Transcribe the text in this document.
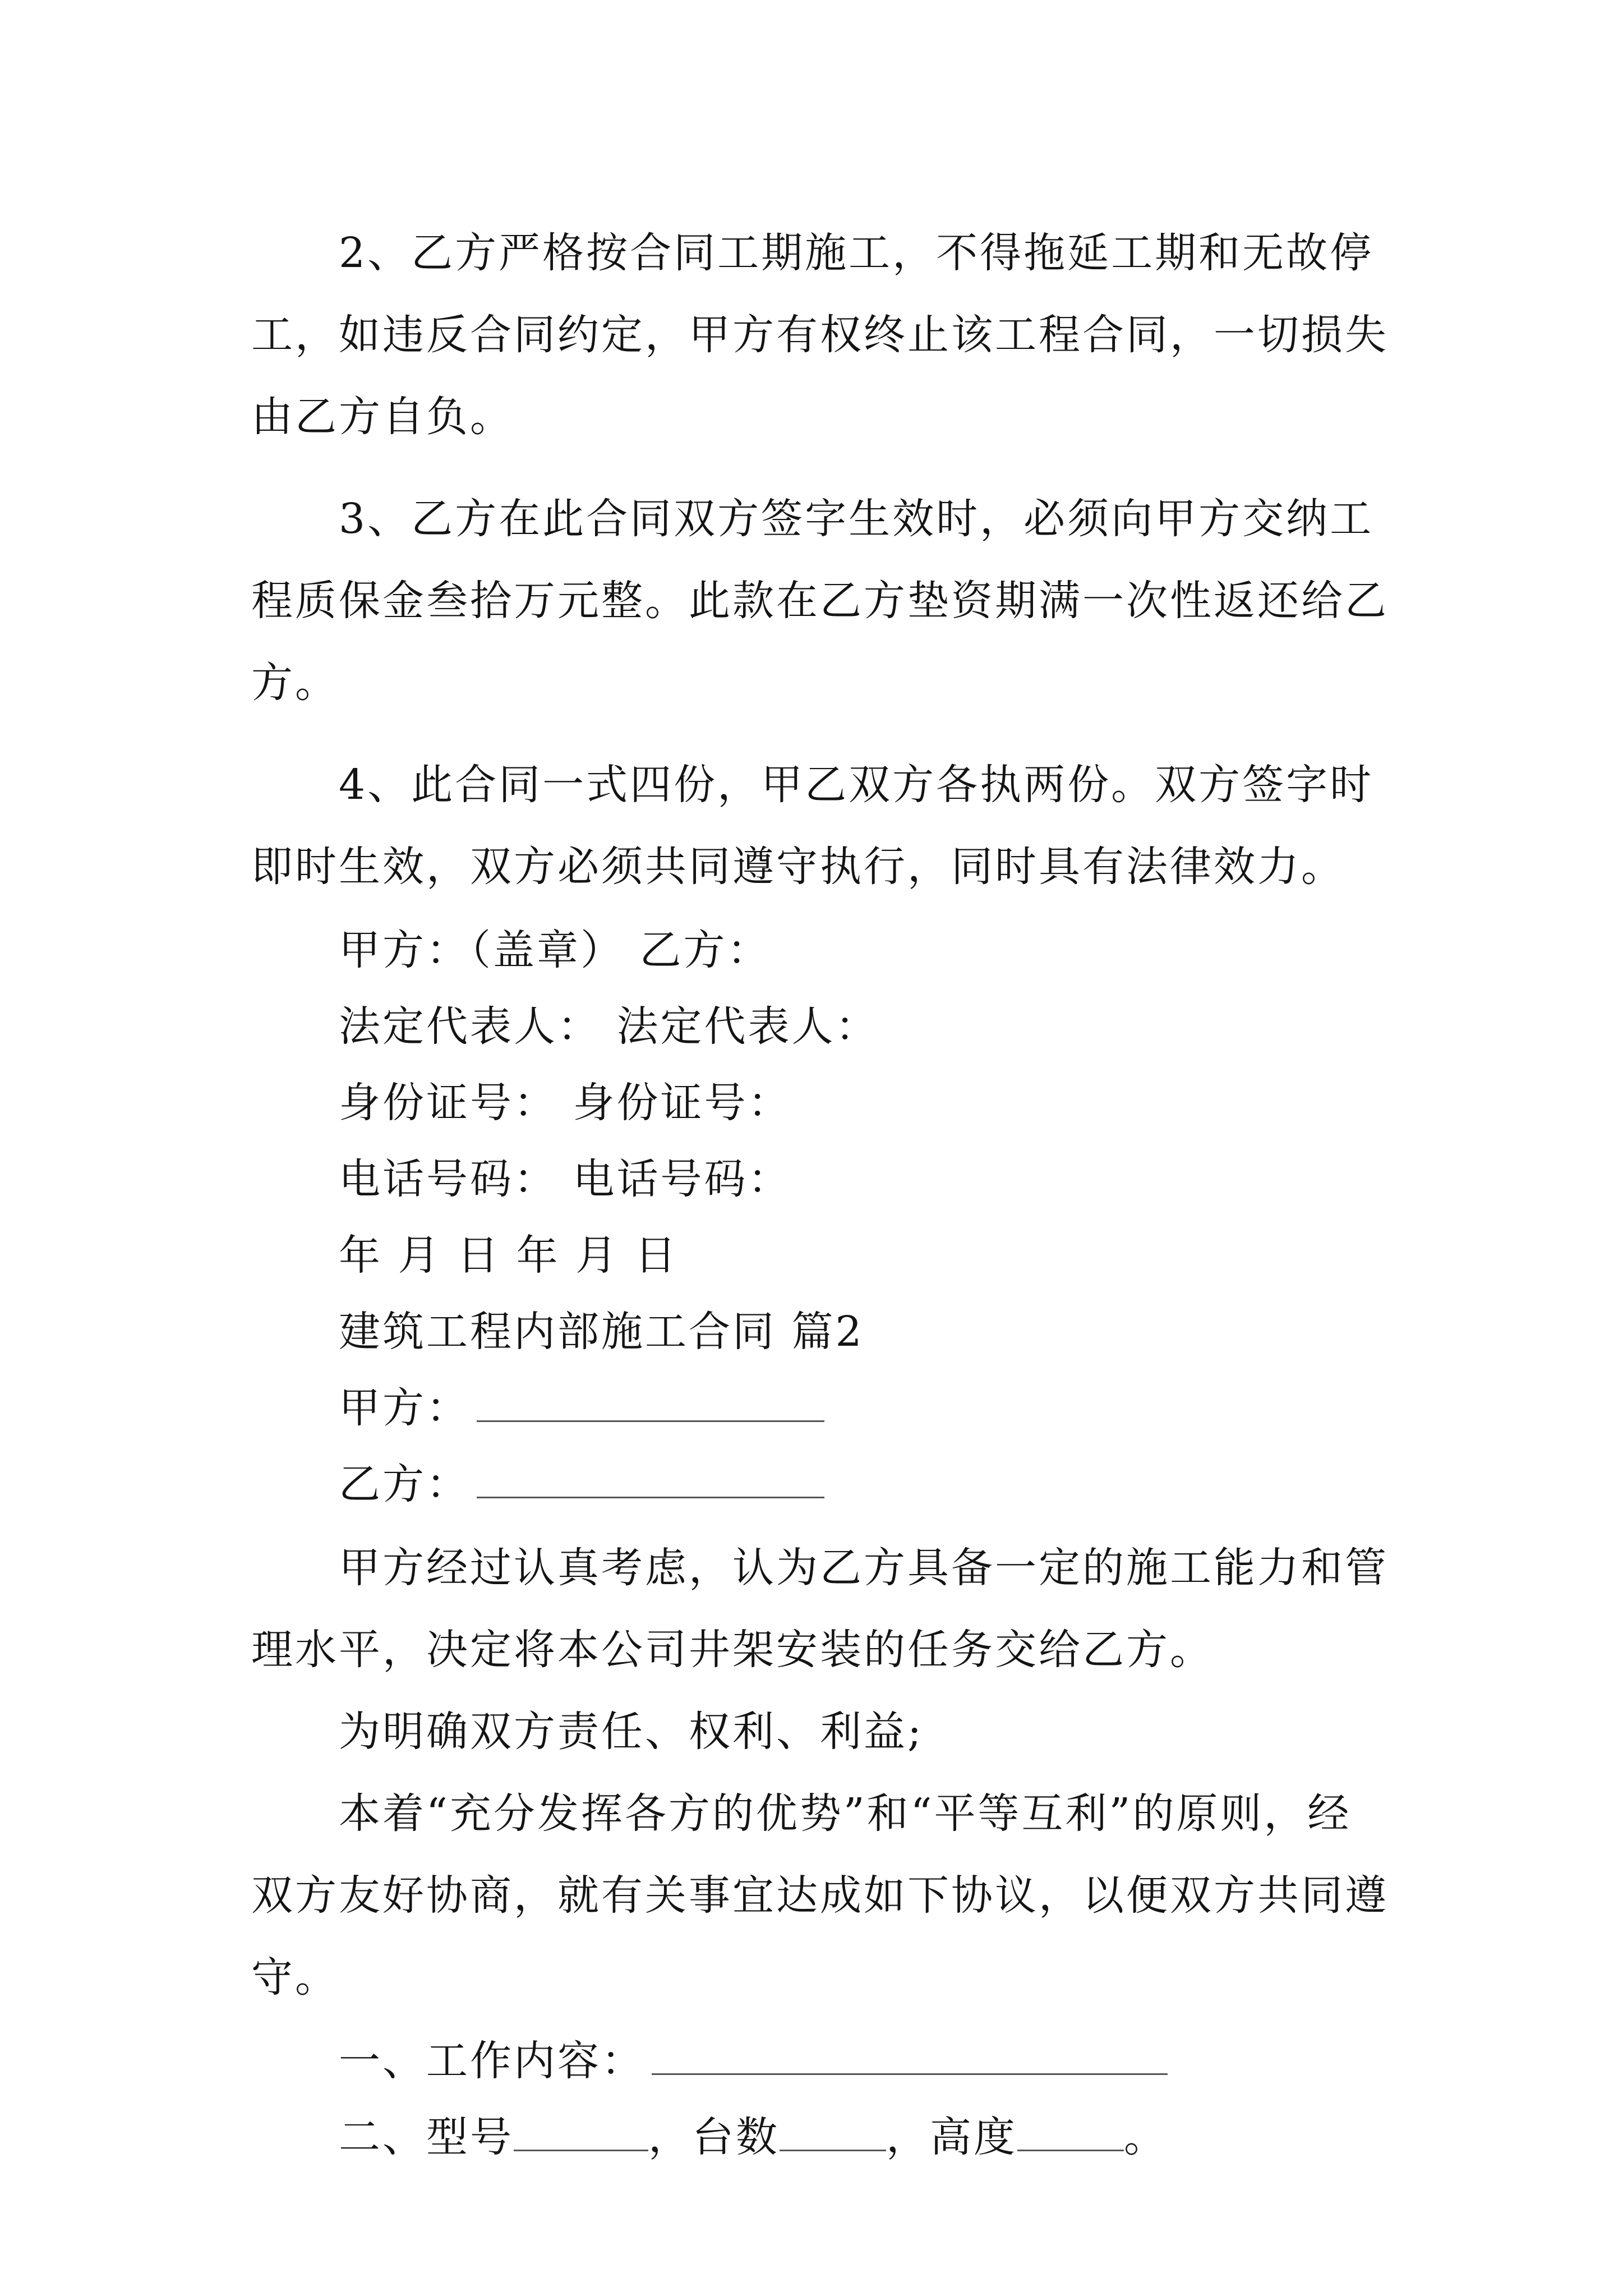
2、乙方严格按合同工期施工，不得拖延工期和无故停工，如违反合同约定，甲方有权终止该工程合同，一切损失由乙方自负。

3、乙方在此合同双方签字生效时，必须向甲方交纳工程质保金叁拾万元整。此款在乙方垫资期满一次性返还给乙方。

4、此合同一式四份，甲乙双方各执两份。双方签字时即时生效，双方必须共同遵守执行，同时具有法律效力。

甲方：（盖章） 乙方：

法定代表人： 法定代表人：

身份证号： 身份证号：

电话号码： 电话号码：

年 月 日 年 月 日

建筑工程内部施工合同 篇2

甲方：

乙方：

甲方经过认真考虑，认为乙方具备一定的施工能力和管理水平，决定将本公司井架安装的任务交给乙方。

为明确双方责任、权利、利益;

本着“充分发挥各方的优势”和“平等互利”的原则，经双方友好协商，就有关事宜达成如下协议，以便双方共同遵守。

一、工作内容：

二、型号	，台数	，高度	。
